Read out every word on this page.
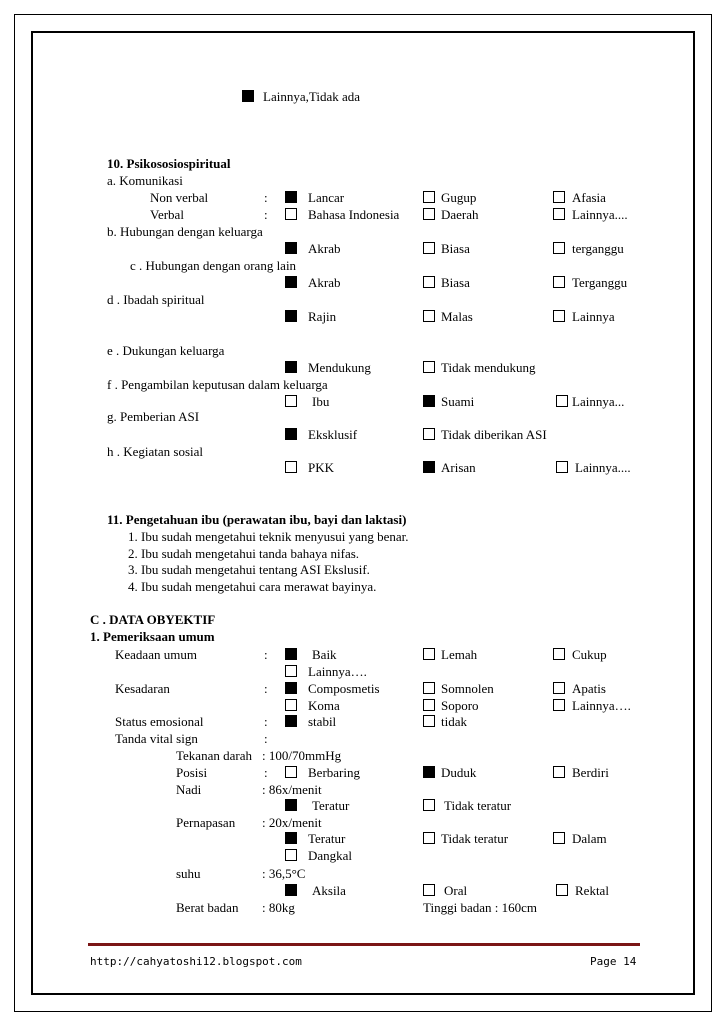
Lainnya,Tidak ada
10. Psikososiospiritual
a. Komunikasi
Non verbal	:	Lancar	Gugup	Afasia
Verbal	:	Bahasa Indonesia	Daerah	Lainnya....
b. Hubungan dengan keluarga
Akrab	Biasa	terganggu
c . Hubungan dengan orang lain
Akrab	Biasa	Terganggu
d . Ibadah spiritual
Rajin	Malas	Lainnya
e . Dukungan keluarga
Mendukung	Tidak mendukung
f . Pengambilan keputusan dalam keluarga
Ibu	Suami	Lainnya...
g. Pemberian ASI
Eksklusif	Tidak diberikan ASI
h . Kegiatan sosial
PKK	Arisan	Lainnya....
11. Pengetahuan ibu (perawatan ibu, bayi dan laktasi)
1. Ibu sudah mengetahui teknik menyusui yang benar.
2. Ibu sudah mengetahui tanda bahaya nifas.
3. Ibu sudah mengetahui tentang ASI Ekslusif.
4. Ibu sudah mengetahui cara merawat bayinya.
C . DATA OBYEKTIF
1. Pemeriksaan umum
Keadaan umum	:	Baik	Lemah	Cukup
Lainnya….
Kesadaran	:	Composmetis	Somnolen	Apatis
Koma	Soporo	Lainnya….
Status emosional	:	stabil	tidak
Tanda vital sign	:
Tekanan darah : 100/70mmHg
Posisi	:	Berbaring	Duduk	Berdiri
Nadi	: 86x/menit
Teratur	Tidak teratur
Pernapasan : 20x/menit
Teratur	Tidak teratur	Dalam
Dangkal
suhu	: 36,5°C
Aksila	Oral	Rektal
Berat badan : 80kg	Tinggi badan : 160cm
http://cahyatoshi12.blogspot.com	Page 14
